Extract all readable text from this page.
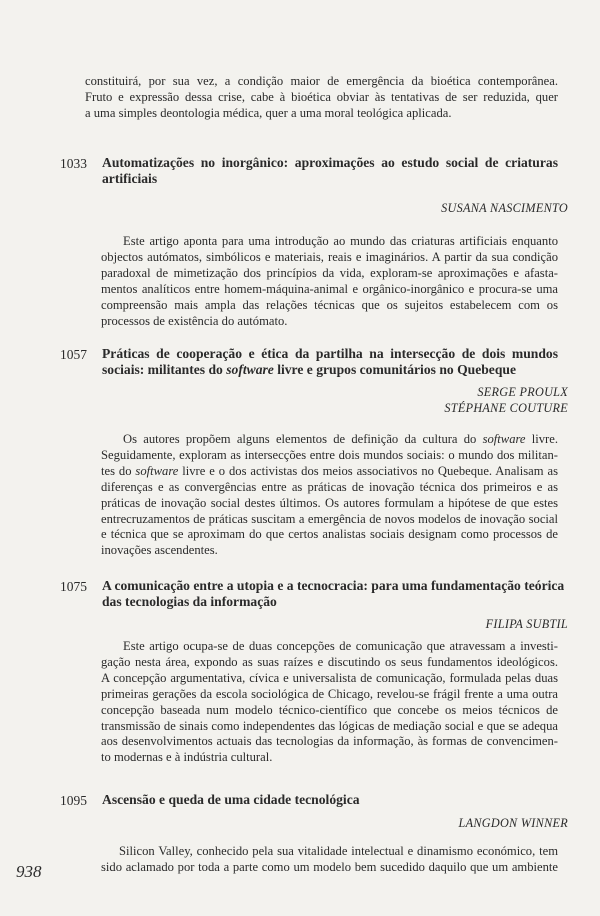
constituirá, por sua vez, a condição maior de emergência da bioética contemporânea.
Fruto e expressão dessa crise, cabe à bioética obviar às tentativas de ser reduzida, quer
a uma simples deontologia médica, quer a uma moral teológica aplicada.
1033 Automatizações no inorgânico: aproximações ao estudo social de criaturas
artificiais
SUSANA NASCIMENTO
Este artigo aponta para uma introdução ao mundo das criaturas artificiais enquanto
objectos autómatos, simbólicos e materiais, reais e imaginários. A partir da sua condição
paradoxal de mimetização dos princípios da vida, exploram-se aproximações e afasta-
mentos analíticos entre homem-máquina-animal e orgânico-inorgânico e procura-se uma
compreensão mais ampla das relações técnicas que os sujeitos estabelecem com os
processos de existência do autómato.
1057 Práticas de cooperação e ética da partilha na intersecção de dois mundos
sociais: militantes do software livre e grupos comunitários no Quebeque
SERGE PROULX
STÉPHANE COUTURE
Os autores propõem alguns elementos de definição da cultura do software livre.
Seguidamente, exploram as intersecções entre dois mundos sociais: o mundo dos militan-
tes do software livre e o dos activistas dos meios associativos no Quebeque. Analisam as
diferenças e as convergências entre as práticas de inovação técnica dos primeiros e as
práticas de inovação social destes últimos. Os autores formulam a hipótese de que estes
entrecruzamentos de práticas suscitam a emergência de novos modelos de inovação social
e técnica que se aproximam do que certos analistas sociais designam como processos de
inovações ascendentes.
1075 A comunicação entre a utopia e a tecnocracia: para uma fundamentação teórica
das tecnologias da informação
FILIPA SUBTIL
Este artigo ocupa-se de duas concepções de comunicação que atravessam a investi-
gação nesta área, expondo as suas raízes e discutindo os seus fundamentos ideológicos.
A concepção argumentativa, cívica e universalista de comunicação, formulada pelas duas
primeiras gerações da escola sociológica de Chicago, revelou-se frágil frente a uma outra
concepção baseada num modelo técnico-científico que concebe os meios técnicos de
transmissão de sinais como independentes das lógicas de mediação social e que se adequa
aos desenvolvimentos actuais das tecnologias da informação, às formas de convencimen-
to modernas e à indústria cultural.
1095 Ascensão e queda de uma cidade tecnológica
LANGDON WINNER
Silicon Valley, conhecido pela sua vitalidade intelectual e dinamismo económico, tem
sido aclamado por toda a parte como um modelo bem sucedido daquilo que um ambiente
938
